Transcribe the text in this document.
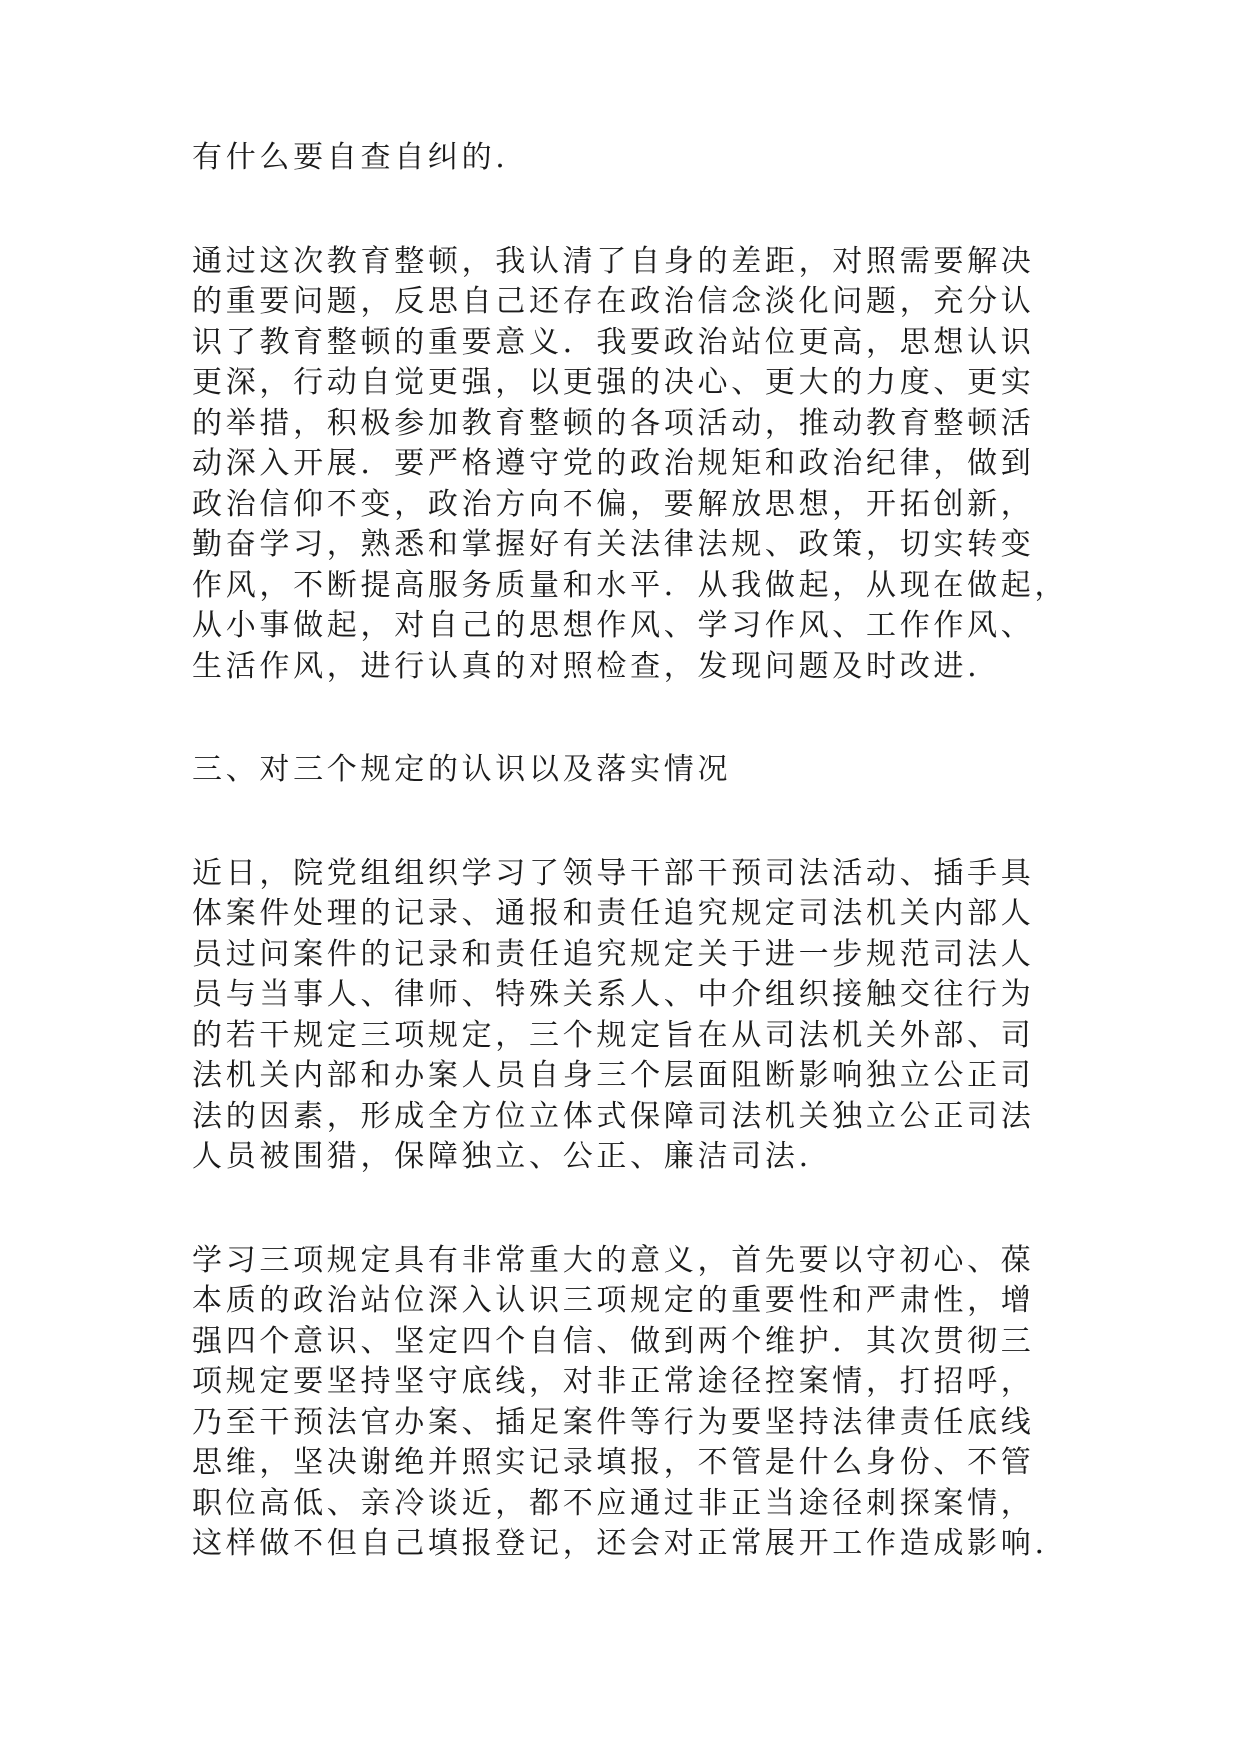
有什么要自查自纠的.

通过这次教育整顿，我认清了自身的差距，对照需要解决
的重要问题，反思自己还存在政治信念淡化问题，充分认
识了教育整顿的重要意义．我要政治站位更高，思想认识
更深，行动自觉更强，以更强的决心、更大的力度、更实
的举措，积极参加教育整顿的各项活动，推动教育整顿活
动深入开展．要严格遵守党的政治规矩和政治纪律，做到
政治信仰不变，政治方向不偏，要解放思想，开拓创新，
勤奋学习，熟悉和掌握好有关法律法规、政策，切实转变
作风，不断提高服务质量和水平．从我做起，从现在做起，
从小事做起，对自己的思想作风、学习作风、工作作风、
生活作风，进行认真的对照检查，发现问题及时改进.

三、对三个规定的认识以及落实情况

近日，院党组组织学习了领导干部干预司法活动、插手具
体案件处理的记录、通报和责任追究规定司法机关内部人
员过问案件的记录和责任追究规定关于进一步规范司法人
员与当事人、律师、特殊关系人、中介组织接触交往行为
的若干规定三项规定，三个规定旨在从司法机关外部、司
法机关内部和办案人员自身三个层面阻断影响独立公正司
法的因素，形成全方位立体式保障司法机关独立公正司法
人员被围猎，保障独立、公正、廉洁司法.

学习三项规定具有非常重大的意义，首先要以守初心、葆
本质的政治站位深入认识三项规定的重要性和严肃性，增
强四个意识、坚定四个自信、做到两个维护．其次贯彻三
项规定要坚持坚守底线，对非正常途径控案情，打招呼，
乃至干预法官办案、插足案件等行为要坚持法律责任底线
思维，坚决谢绝并照实记录填报，不管是什么身份、不管
职位高低、亲冷谈近，都不应通过非正当途径刺探案情，
这样做不但自己填报登记，还会对正常展开工作造成影响.
